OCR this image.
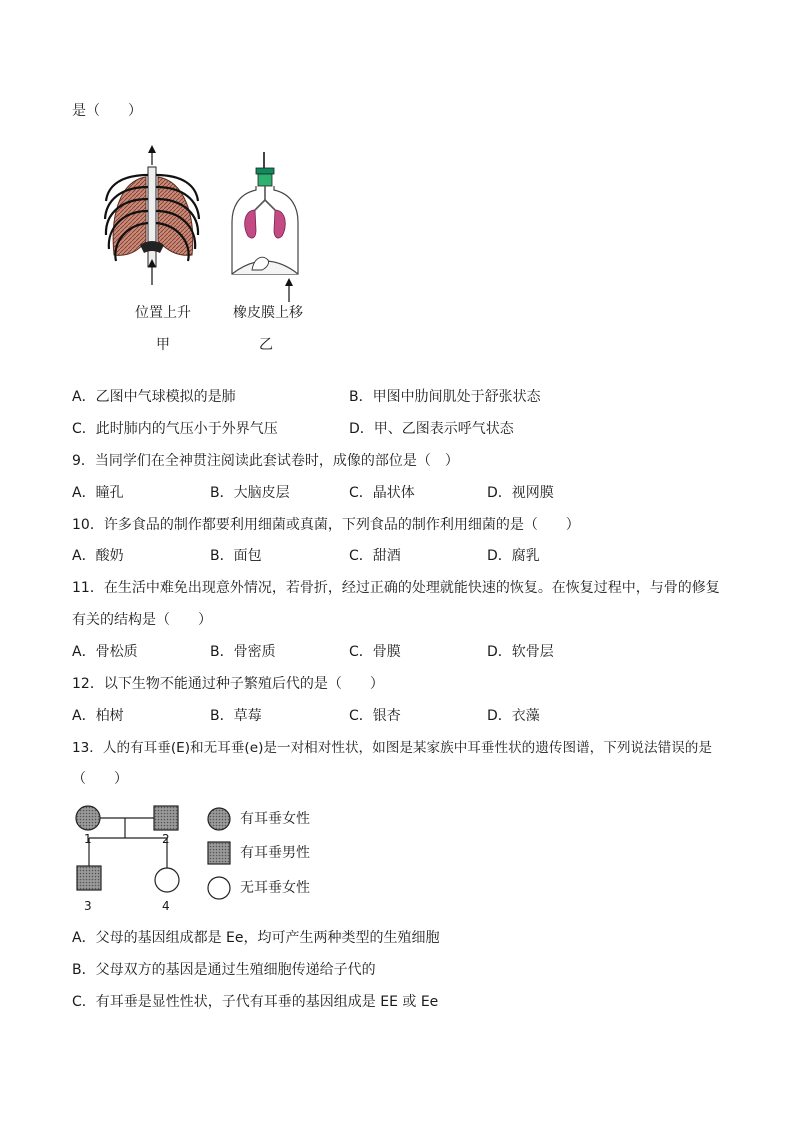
是（　　）
位置上升
甲
橡皮膜上移
乙
A．乙图中气球模拟的是肺	B．甲图中肋间肌处于舒张状态
C．此时肺内的气压小于外界气压	D．甲、乙图表示呼气状态
9．当同学们在全神贯注阅读此套试卷时，成像的部位是（　）
A．瞳孔	B．大脑皮层	C．晶状体	D．视网膜
10．许多食品的制作都要利用细菌或真菌，下列食品的制作利用细菌的是（　　）
A．酸奶	B．面包	C．甜酒	D．腐乳
11．在生活中难免出现意外情况，若骨折，经过正确的处理就能快速的恢复。在恢复过程中，与骨的修复
有关的结构是（　　）
A．骨松质	B．骨密质	C．骨膜	D．软骨层
12．以下生物不能通过种子繁殖后代的是（　　）
A．柏树	B．草莓	C．银杏	D．衣藻
13．人的有耳垂(E)和无耳垂(e)是一对相对性状，如图是某家族中耳垂性状的遗传图谱，下列说法错误的是
（　　）
1	2
3	4
有耳垂女性
有耳垂男性
无耳垂女性
A．父母的基因组成都是 Ee，均可产生两种类型的生殖细胞
B．父母双方的基因是通过生殖细胞传递给子代的
C．有耳垂是显性性状，子代有耳垂的基因组成是 EE 或 Ee
